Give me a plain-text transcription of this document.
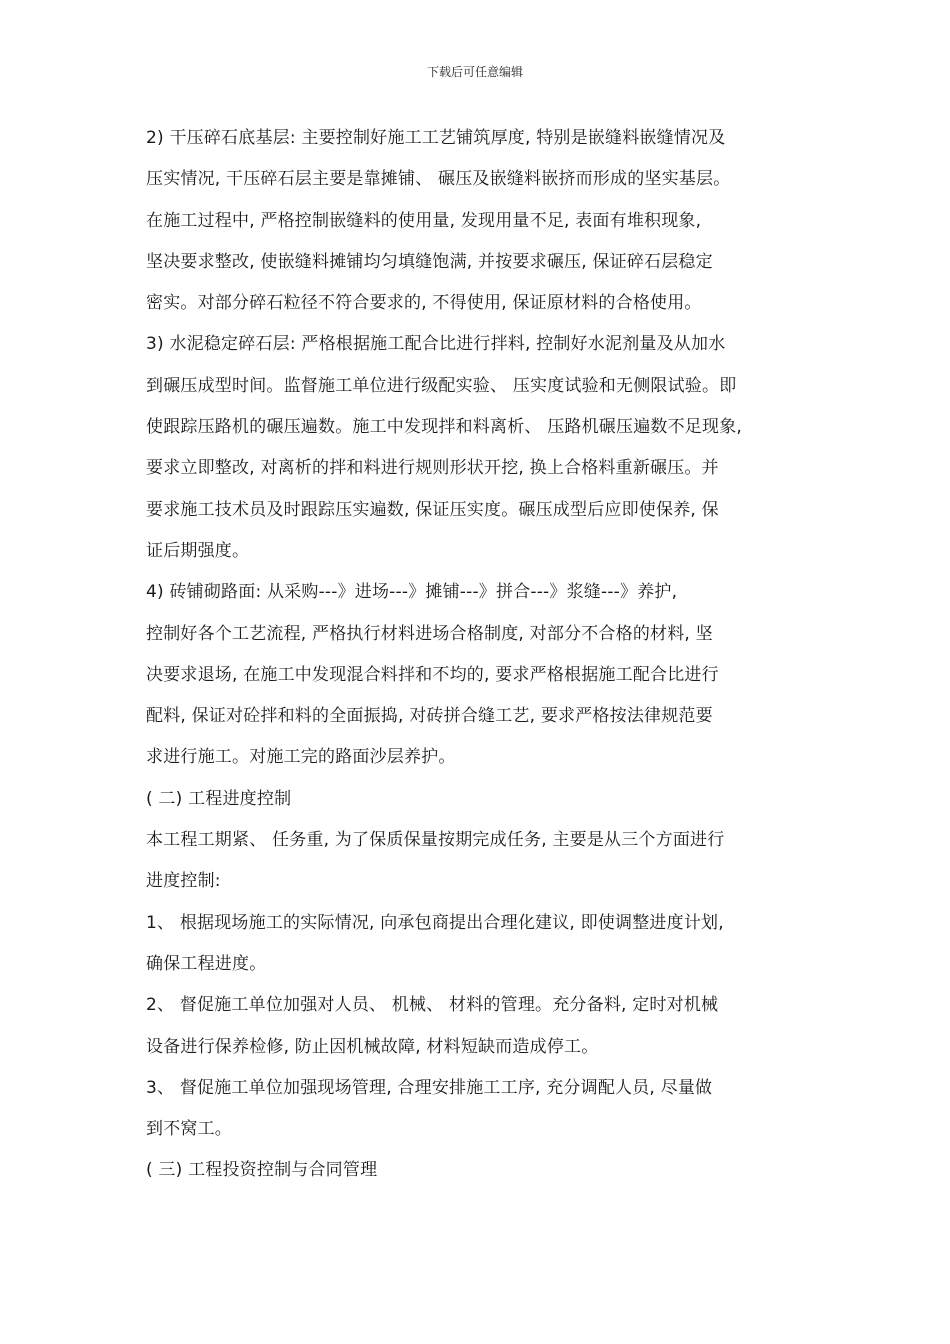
下载后可任意编辑
2) 干压碎石底基层: 主要控制好施工工艺铺筑厚度, 特别是嵌缝料嵌缝情况及
压实情况, 干压碎石层主要是靠摊铺、 碾压及嵌缝料嵌挤而形成的坚实基层。
在施工过程中, 严格控制嵌缝料的使用量, 发现用量不足, 表面有堆积现象,
坚决要求整改, 使嵌缝料摊铺均匀填缝饱满, 并按要求碾压, 保证碎石层稳定
密实。对部分碎石粒径不符合要求的, 不得使用, 保证原材料的合格使用。
3) 水泥稳定碎石层: 严格根据施工配合比进行拌料, 控制好水泥剂量及从加水
到碾压成型时间。监督施工单位进行级配实验、 压实度试验和无侧限试验。即
使跟踪压路机的碾压遍数。施工中发现拌和料离析、 压路机碾压遍数不足现象,
要求立即整改, 对离析的拌和料进行规则形状开挖, 换上合格料重新碾压。并
要求施工技术员及时跟踪压实遍数, 保证压实度。碾压成型后应即使保养, 保
证后期强度。
4) 砖铺砌路面: 从采购---》进场---》摊铺---》拼合---》浆缝---》养护,
控制好各个工艺流程, 严格执行材料进场合格制度, 对部分不合格的材料, 坚
决要求退场, 在施工中发现混合料拌和不均的, 要求严格根据施工配合比进行
配料, 保证对砼拌和料的全面振捣, 对砖拼合缝工艺, 要求严格按法律规范要
求进行施工。对施工完的路面沙层养护。
( 二) 工程进度控制
本工程工期紧、 任务重, 为了保质保量按期完成任务, 主要是从三个方面进行
进度控制:
1、 根据现场施工的实际情况, 向承包商提出合理化建议, 即使调整进度计划,
确保工程进度。
2、 督促施工单位加强对人员、 机械、 材料的管理。充分备料, 定时对机械
设备进行保养检修, 防止因机械故障, 材料短缺而造成停工。
3、 督促施工单位加强现场管理, 合理安排施工工序, 充分调配人员, 尽量做
到不窝工。
( 三) 工程投资控制与合同管理
